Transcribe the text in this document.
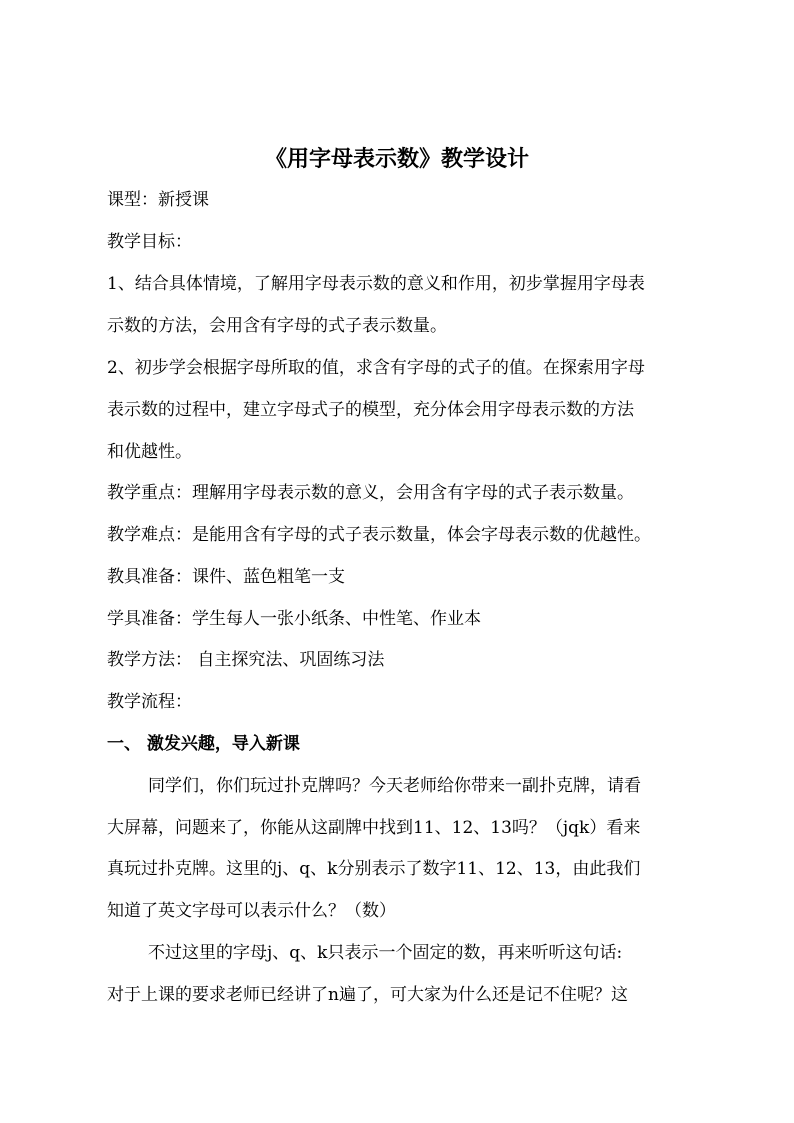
《用字母表示数》教学设计
课型：新授课
教学目标：
1、结合具体情境，了解用字母表示数的意义和作用，初步掌握用字母表
示数的方法，会用含有字母的式子表示数量。
2、初步学会根据字母所取的值，求含有字母的式子的值。在探索用字母
表示数的过程中，建立字母式子的模型，充分体会用字母表示数的方法
和优越性。
教学重点：理解用字母表示数的意义，会用含有字母的式子表示数量。
教学难点：是能用含有字母的式子表示数量，体会字母表示数的优越性。
教具准备：课件、蓝色粗笔一支
学具准备：学生每人一张小纸条、中性笔、作业本
教学方法： 自主探究法、巩固练习法
教学流程：
一、 激发兴趣，导入新课
同学们，你们玩过扑克牌吗？今天老师给你带来一副扑克牌，请看
大屏幕，问题来了，你能从这副牌中找到11、12、13吗？（jqk）看来
真玩过扑克牌。这里的j、q、k分别表示了数字11、12、13，由此我们
知道了英文字母可以表示什么？（数）
不过这里的字母j、q、k只表示一个固定的数，再来听听这句话:
对于上课的要求老师已经讲了n遍了，可大家为什么还是记不住呢？这
